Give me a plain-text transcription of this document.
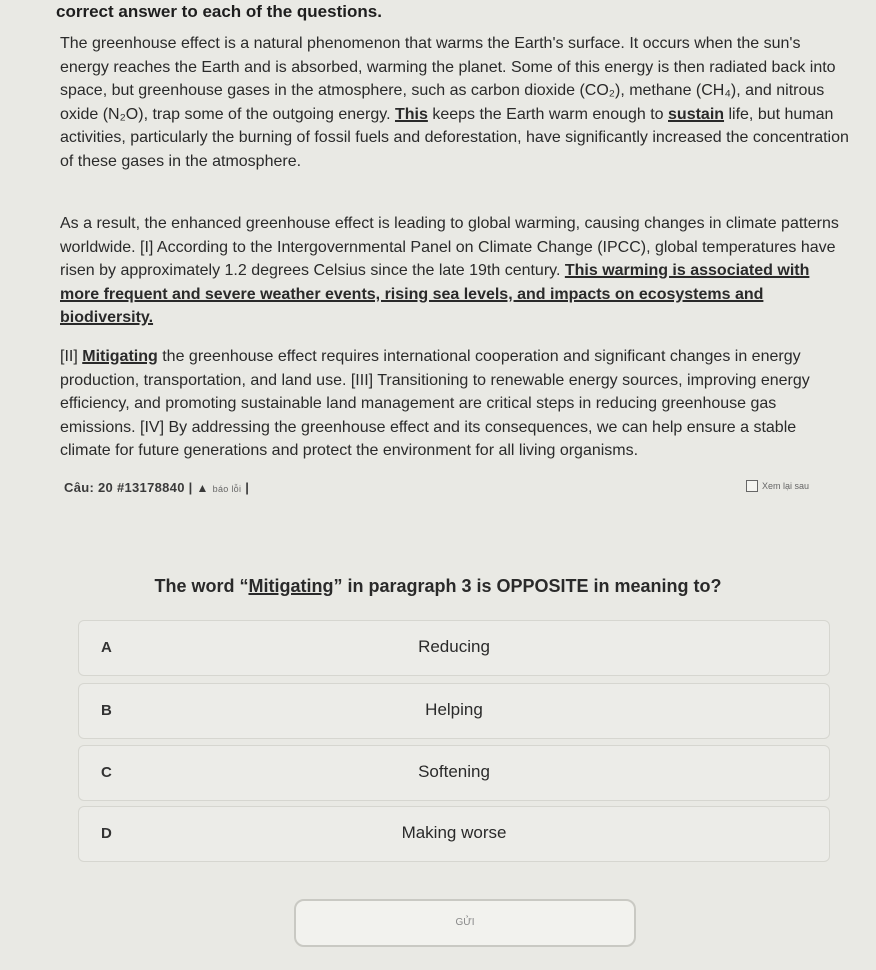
correct answer to each of the questions.

The greenhouse effect is a natural phenomenon that warms the Earth's surface. It occurs when the sun's energy reaches the Earth and is absorbed, warming the planet. Some of this energy is then radiated back into space, but greenhouse gases in the atmosphere, such as carbon dioxide (CO₂), methane (CH₄), and nitrous oxide (N₂O), trap some of the outgoing energy. This keeps the Earth warm enough to sustain life, but human activities, particularly the burning of fossil fuels and deforestation, have significantly increased the concentration of these gases in the atmosphere.

As a result, the enhanced greenhouse effect is leading to global warming, causing changes in climate patterns worldwide. [I] According to the Intergovernmental Panel on Climate Change (IPCC), global temperatures have risen by approximately 1.2 degrees Celsius since the late 19th century. This warming is associated with more frequent and severe weather events, rising sea levels, and impacts on ecosystems and biodiversity.

[II] Mitigating the greenhouse effect requires international cooperation and significant changes in energy production, transportation, and land use. [III] Transitioning to renewable energy sources, improving energy efficiency, and promoting sustainable land management are critical steps in reducing greenhouse gas emissions. [IV] By addressing the greenhouse effect and its consequences, we can help ensure a stable climate for future generations and protect the environment for all living organisms.

Câu: 20 #13178840 | ▲ báo lỗi |	Xem lại sau
The word “Mitigating” in paragraph 3 is OPPOSITE in meaning to?
A	Reducing
B	Helping
C	Softening
D	Making worse
GỬI
